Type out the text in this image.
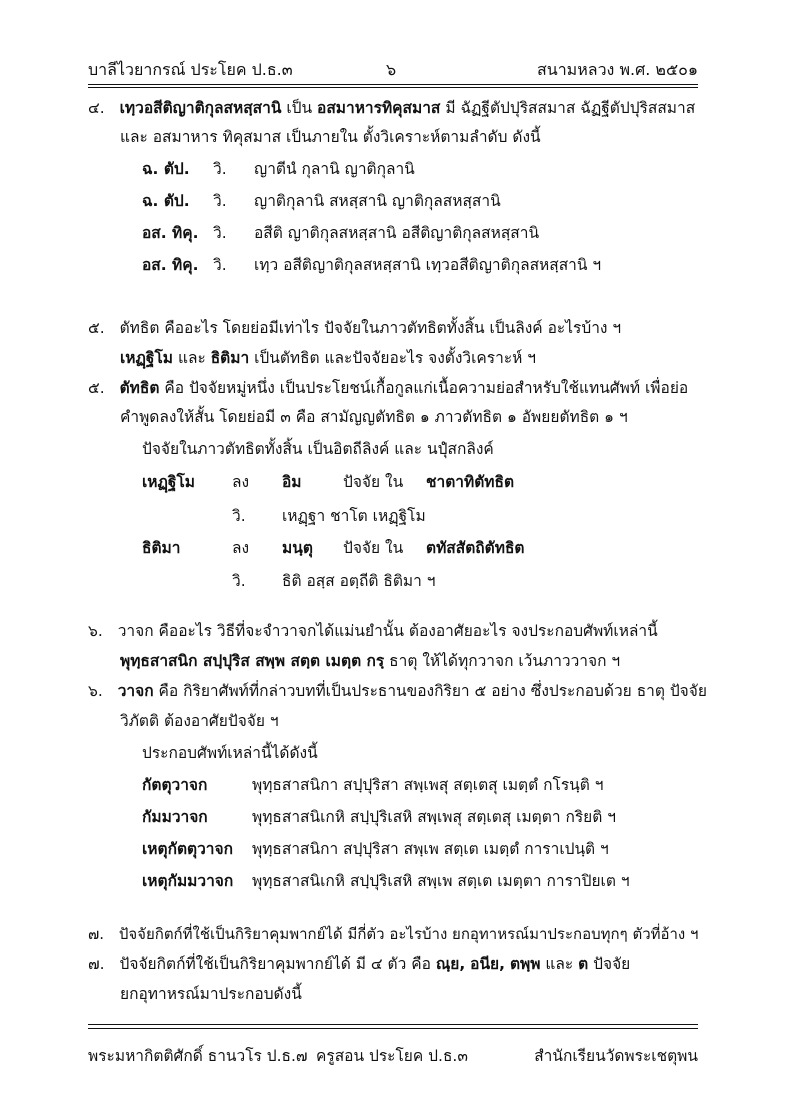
บาลีไวยากรณ์ ประโยค ป.ธ.๓	๖	สนามหลวง พ.ศ. ๒๕๐๑
๔. เทฺวอสีติญาติกุลสหสฺสานิ เป็น อสมาหารทิคุสมาส มี ฉัฏฐีตัปปุริสสมาส ฉัฏฐีตัปปุริสสมาส
และ อสมาหาร ทิคุสมาส เป็นภายใน ตั้งวิเคราะห์ตามลำดับ ดังนี้
ฉ. ตัป. วิ. ญาตีนํ กุลานิ ญาติกุลานิ
ฉ. ตัป. วิ. ญาติกุลานิ สหสฺสานิ ญาติกุลสหสฺสานิ
อส. ทิคุ. วิ. อสีติ ญาติกุลสหสฺสานิ อสีติญาติกุลสหสฺสานิ
อส. ทิคุ. วิ. เทฺว อสีติญาติกุลสหสฺสานิ เทฺวอสีติญาติกุลสหสฺสานิ ฯ
๕. ตัทธิต คืออะไร โดยย่อมีเท่าไร ปัจจัยในภาวตัทธิตทั้งสิ้น เป็นลิงค์ อะไรบ้าง ฯ
เหฏฺฐิโม และ ธิติมา เป็นตัทธิต และปัจจัยอะไร จงตั้งวิเคราะห์ ฯ
๕. ตัทธิต คือ ปัจจัยหมู่หนึ่ง เป็นประโยชน์เกื้อกูลแก่เนื้อความย่อสำหรับใช้แทนศัพท์ เพื่อย่อ
คำพูดลงให้สั้น โดยย่อมี ๓ คือ สามัญญตัทธิต ๑ ภาวตัทธิต ๑ อัพยยตัทธิต ๑ ฯ
ปัจจัยในภาวตัทธิตทั้งสิ้น เป็นอิตถีลิงค์ และ นปุํสกลิงค์
เหฏฺฐิโม ลง อิม	ปัจจัย ใน ชาตาทิตัทธิต
วิ. เหฏฺฐา ชาโต เหฏฺฐิโม
ธิติมา	ลง มนฺตุ ปัจจัย ใน ตทัสสัตถิตัทธิต
วิ. ธิติ อสฺส อตฺถีติ ธิติมา ฯ
๖. วาจก คืออะไร วิธีที่จะจำวาจกได้แม่นยำนั้น ต้องอาศัยอะไร จงประกอบศัพท์เหล่านี้
พุทฺธสาสนิก สปฺปุริส สพฺพ สตฺต เมตฺต กรฺ ธาตุ ให้ได้ทุกวาจก เว้นภาววาจก ฯ
๖. วาจก คือ กิริยาศัพท์ที่กล่าวบทที่เป็นประธานของกิริยา ๕ อย่าง ซึ่งประกอบด้วย ธาตุ ปัจจัย
วิภัตติ ต้องอาศัยปัจจัย ฯ
ประกอบศัพท์เหล่านี้ได้ดังนี้
กัตตุวาจก	พุทฺธสาสนิกา สปฺปุริสา สพฺเพสุ สตฺเตสุ เมตฺตํ กโรนฺติ ฯ
กัมมวาจก	พุทฺธสาสนิเกหิ สปฺปุริเสหิ สพฺเพสุ สตฺเตสุ เมตฺตา กริยติ ฯ
เหตุกัตตุวาจก พุทฺธสาสนิกา สปฺปุริสา สพฺเพ สตฺเต เมตฺตํ การาเปนฺติ ฯ
เหตุกัมมวาจก พุทฺธสาสนิเกหิ สปฺปุริเสหิ สพฺเพ สตฺเต เมตฺตา การาปิยเต ฯ
๗. ปัจจัยกิตก์ที่ใช้เป็นกิริยาคุมพากย์ได้ มีกี่ตัว อะไรบ้าง ยกอุทาหรณ์มาประกอบทุกๆ ตัวที่อ้าง ฯ
๗. ปัจจัยกิตก์ที่ใช้เป็นกิริยาคุมพากย์ได้ มี ๔ ตัว คือ ณฺย, อนีย, ตพฺพ และ ต ปัจจัย
ยกอุทาหรณ์มาประกอบดังนี้
พระมหากิตติศักดิ์ ธานวโร ป.ธ.๗ ครูสอน ประโยค ป.ธ.๓	สำนักเรียนวัดพระเชตุพน
